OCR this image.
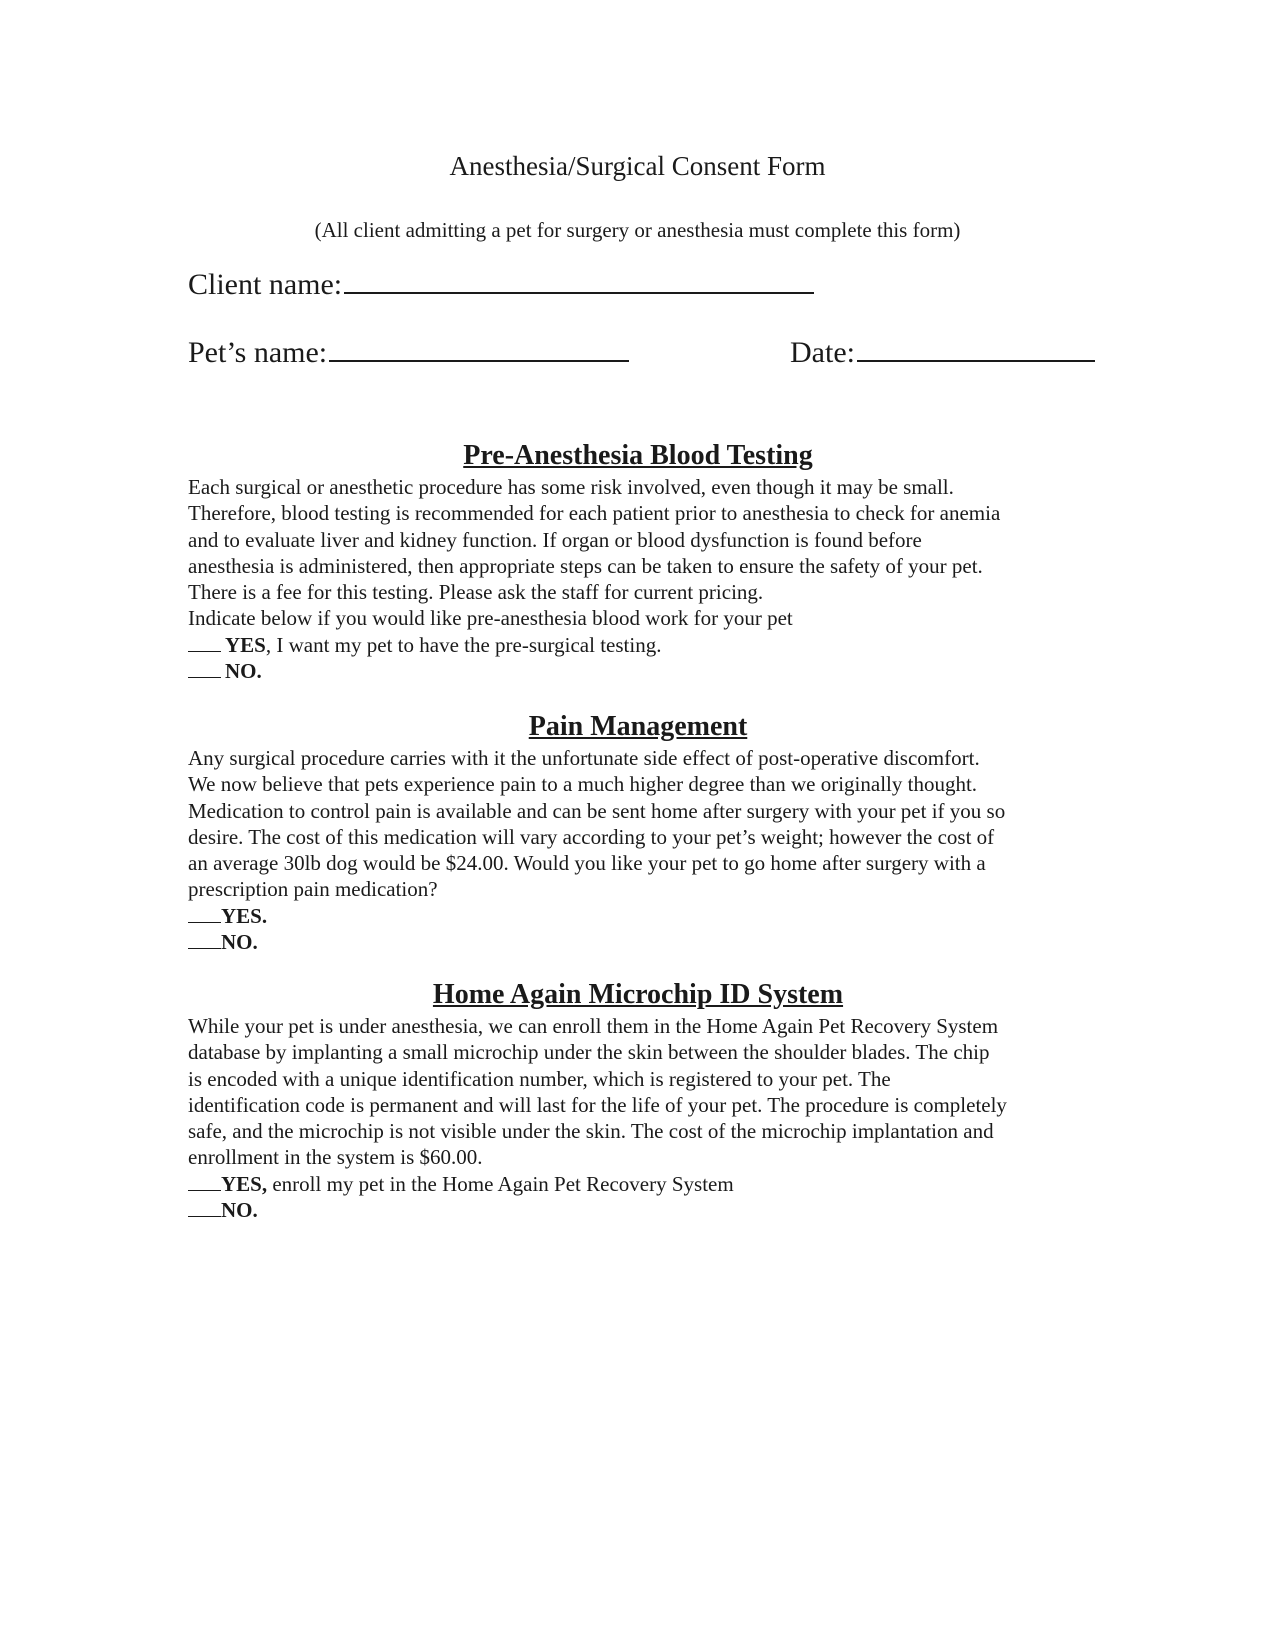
Anesthesia/Surgical Consent Form
(All client admitting a pet for surgery or anesthesia must complete this form)
Client name:
Pet’s name:	Date:
Pre-Anesthesia Blood Testing
Each surgical or anesthetic procedure has some risk involved, even though it may be small.
Therefore, blood testing is recommended for each patient prior to anesthesia to check for anemia
and to evaluate liver and kidney function. If organ or blood dysfunction is found before
anesthesia is administered, then appropriate steps can be taken to ensure the safety of your pet.
There is a fee for this testing. Please ask the staff for current pricing.
Indicate below if you would like pre-anesthesia blood work for your pet
YES, I want my pet to have the pre-surgical testing.
NO.
Pain Management
Any surgical procedure carries with it the unfortunate side effect of post-operative discomfort.
We now believe that pets experience pain to a much higher degree than we originally thought.
Medication to control pain is available and can be sent home after surgery with your pet if you so
desire. The cost of this medication will vary according to your pet’s weight; however the cost of
an average 30lb dog would be $24.00. Would you like your pet to go home after surgery with a
prescription pain medication?
YES.
NO.
Home Again Microchip ID System
While your pet is under anesthesia, we can enroll them in the Home Again Pet Recovery System
database by implanting a small microchip under the skin between the shoulder blades. The chip
is encoded with a unique identification number, which is registered to your pet. The
identification code is permanent and will last for the life of your pet. The procedure is completely
safe, and the microchip is not visible under the skin. The cost of the microchip implantation and
enrollment in the system is $60.00.
YES, enroll my pet in the Home Again Pet Recovery System
NO.
